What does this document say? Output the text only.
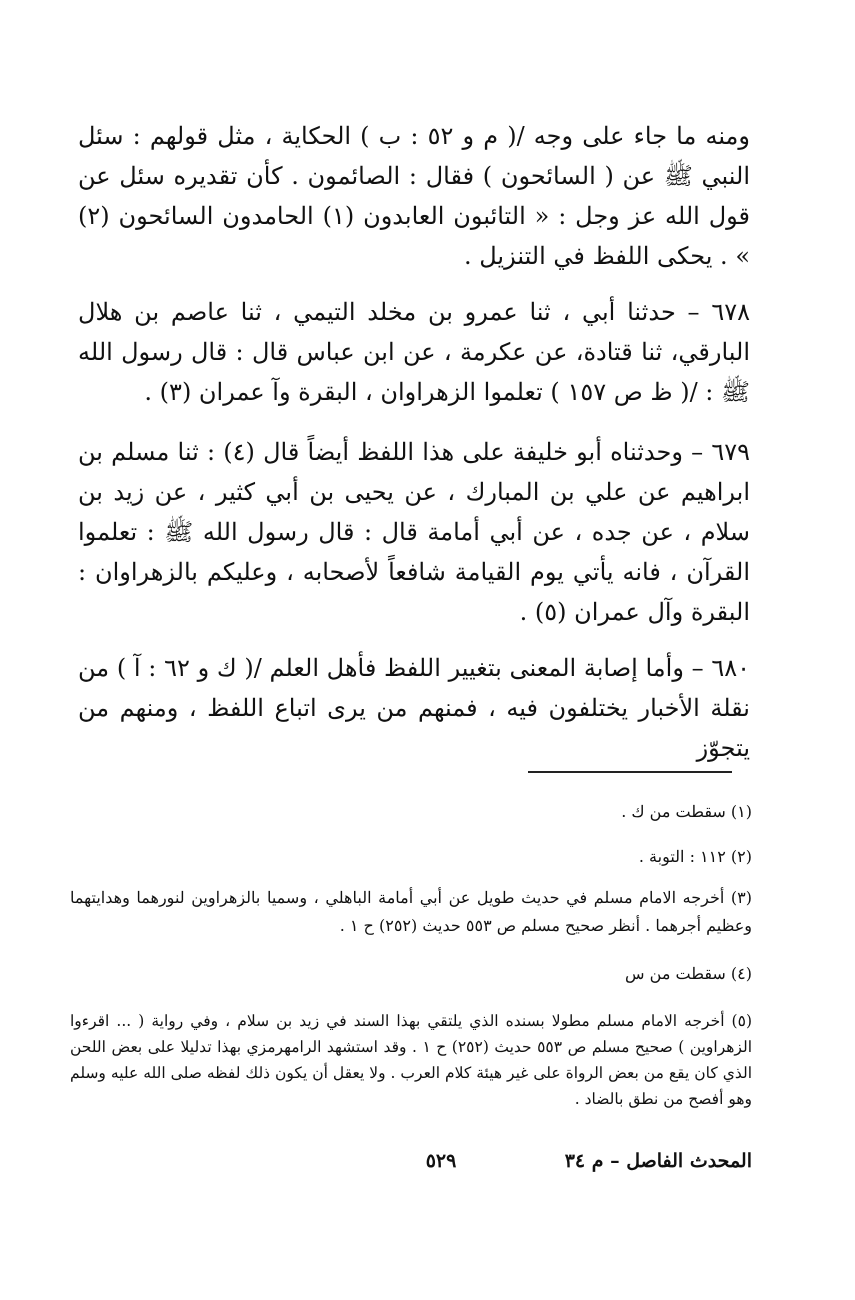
ومنه ما جاء على وجه /( م و ٥٢ : ب ) الحكاية ، مثل قولهم : سئل النبي ﷺ عن ( السائحون ) فقال : الصائمون . كأن تقديره سئل عن قول الله عز وجل : « التائبون العابدون (١) الحامدون السائحون (٢) » . يحكى اللفظ في التنزيل .

٦٧٨ – حدثنا أبي ، ثنا عمرو بن مخلد التيمي ، ثنا عاصم بن هلال البارقي، ثنا قتادة، عن عكرمة ، عن ابن عباس قال : قال رسول الله ﷺ : /( ظ ص ١٥٧ ) تعلموا الزهراوان ، البقرة وآ عمران (٣) .

٦٧٩ – وحدثناه أبو خليفة على هذا اللفظ أيضاً قال (٤) : ثنا مسلم بن ابراهيم عن علي بن المبارك ، عن يحيى بن أبي كثير ، عن زيد بن سلام ، عن جده ، عن أبي أمامة قال : قال رسول الله ﷺ : تعلموا القرآن ، فانه يأتي يوم القيامة شافعاً لأصحابه ، وعليكم بالزهراوان : البقرة وآل عمران (٥) .

٦٨٠ – وأما إصابة المعنى بتغيير اللفظ فأهل العلم /( ك و ٦٢ : آ ) من نقلة الأخبار يختلفون فيه ، فمنهم من يرى اتباع اللفظ ، ومنهم من يتجوّز

(١) سقطت من ك .

(٢) ١١٢ : التوبة .

(٣) أخرجه الامام مسلم في حديث طويل عن أبي أمامة الباهلي ، وسميا بالزهراوين لنورهما وهدايتهما وعظيم أجرهما . أنظر صحيح مسلم ص ٥٥٣ حديث (٢٥٢) ح ١ .

(٤) سقطت من س

(٥) أخرجه الامام مسلم مطولا بسنده الذي يلتقي بهذا السند في زيد بن سلام ، وفي رواية ( ... اقرءوا الزهراوين ) صحيح مسلم ص ٥٥٣ حديث (٢٥٢) ح ١ . وقد استشهد الرامهرمزي بهذا تدليلا على بعض اللحن الذي كان يقع من بعض الرواة على غير هيئة كلام العرب . ولا يعقل أن يكون ذلك لفظه صلى الله عليه وسلم وهو أفصح من نطق بالضاد .

المحدث الفاصل – م ٣٤
٥٢٩
